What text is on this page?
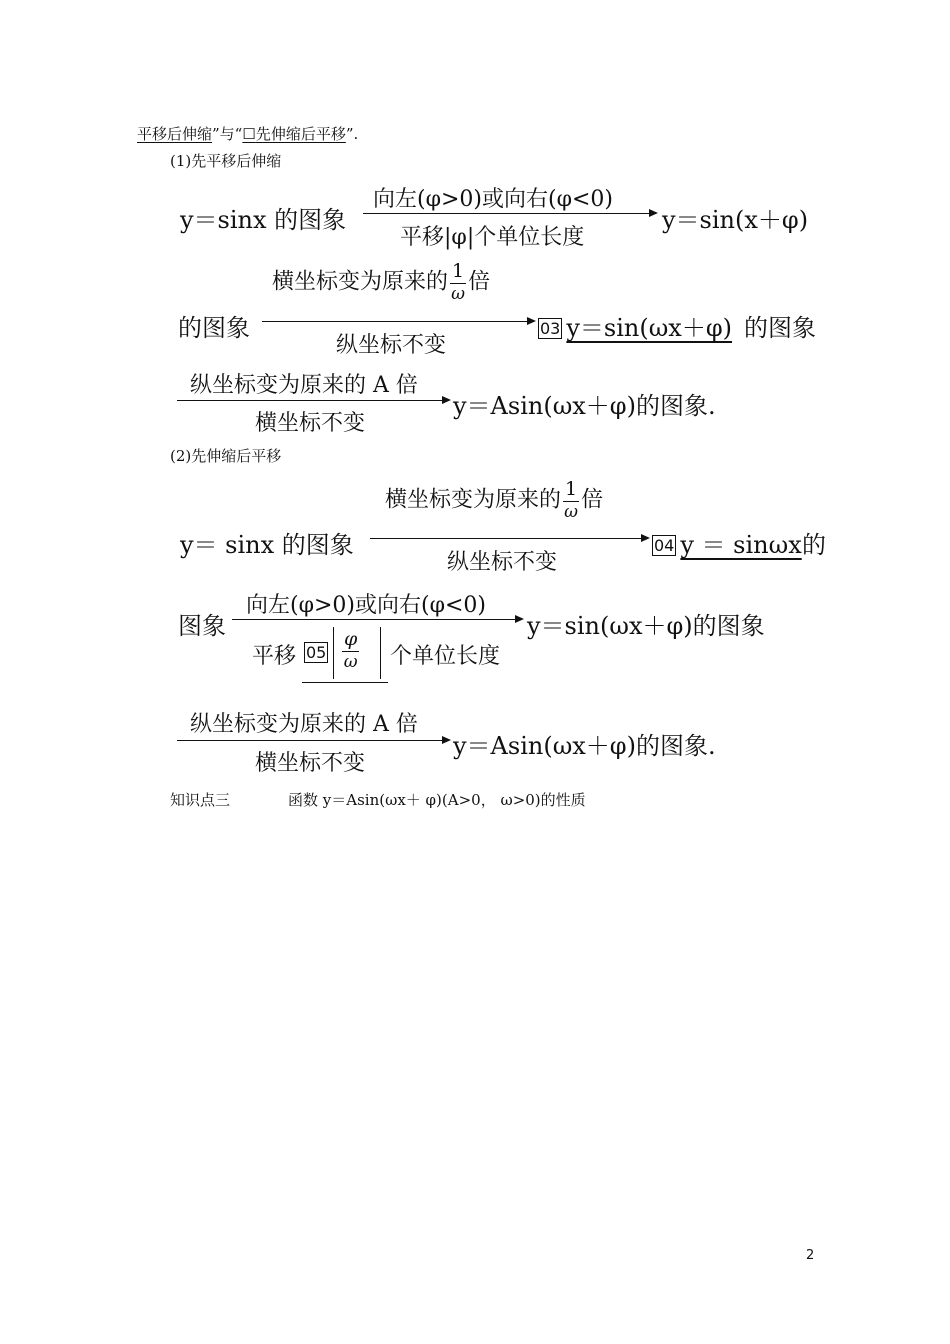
平移后伸缩”与“☐先伸缩后平移”.
(1)先平移后伸缩
y＝sinx 的图象
向左(φ>0)或向右(φ<0)
平移|φ|个单位长度
y＝sin(x＋φ)
的图象
横坐标变为原来的 $\frac{1}{\omega}$ 倍
纵坐标不变
03 y＝sin(ωx＋φ) 的图象
纵坐标变为原来的 A 倍
横坐标不变
y＝Asin(ωx＋φ)的图象.
(2)先伸缩后平移
y＝ sinx 的图象
横坐标变为原来的 $\frac{1}{\omega}$ 倍
纵坐标不变
04 y ＝ sinωx 的
图象
向左(φ>0)或向右(φ<0)
平移 $05 \frac{\varphi}{\omega}$ 个单位长度
y＝sin(ωx＋φ)的图象
纵坐标变为原来的 A 倍
横坐标不变
y＝Asin(ωx＋φ)的图象.
知识点三	函数 y＝Asin(ωx＋ φ)(A>0， ω>0)的性质
2
